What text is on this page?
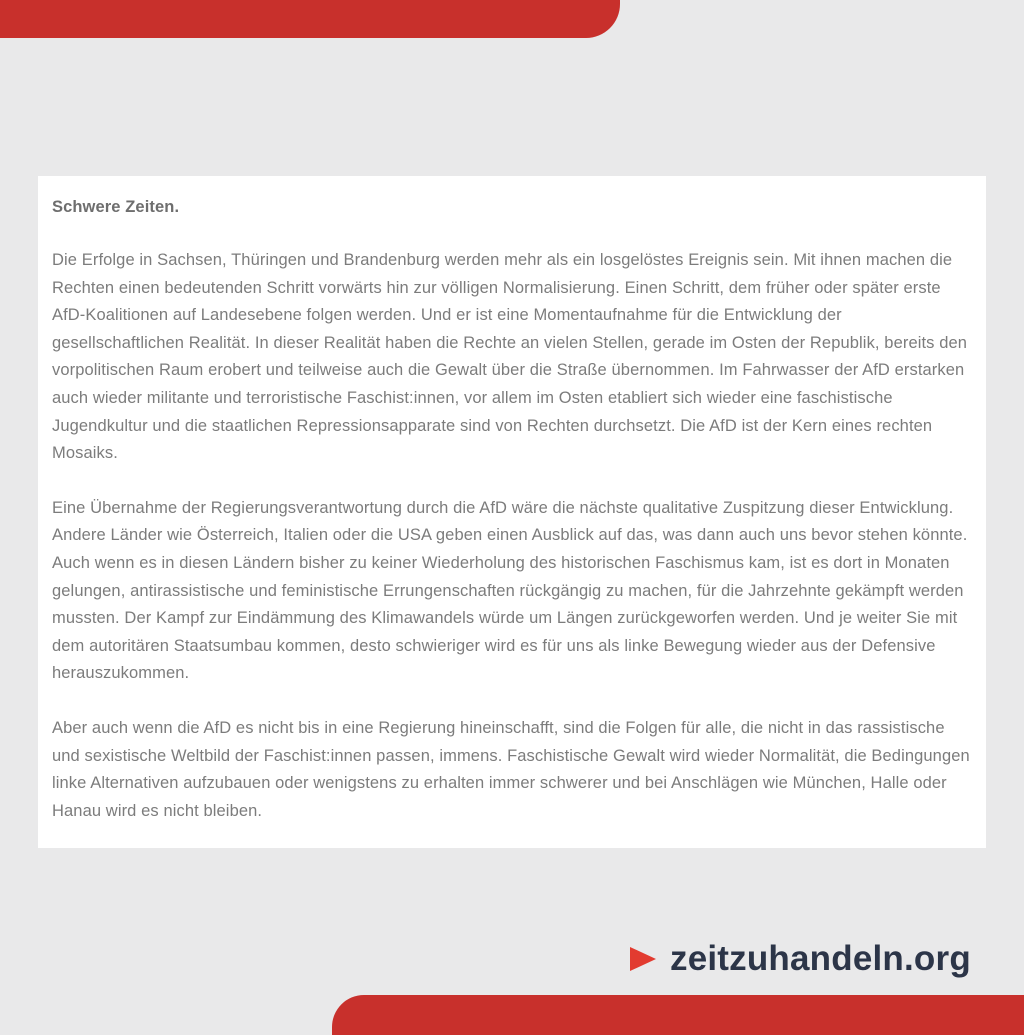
Schwere Zeiten.

Die Erfolge in Sachsen, Thüringen und Brandenburg werden mehr als ein losgelöstes Ereignis sein. Mit ihnen machen die Rechten einen bedeutenden Schritt vorwärts hin zur völligen Normalisierung. Einen Schritt, dem früher oder später erste AfD-Koalitionen auf Landesebene folgen werden. Und er ist eine Momentaufnahme für die Entwicklung der gesellschaftlichen Realität. In dieser Realität haben die Rechte an vielen Stellen, gerade im Osten der Republik, bereits den vorpolitischen Raum erobert und teilweise auch die Gewalt über die Straße übernommen. Im Fahrwasser der AfD erstarken auch wieder militante und terroristische Faschist:innen, vor allem im Osten etabliert sich wieder eine faschistische Jugendkultur und die staatlichen Repressionsapparate sind von Rechten durchsetzt. Die AfD ist der Kern eines rechten Mosaiks.

Eine Übernahme der Regierungsverantwortung durch die AfD wäre die nächste qualitative Zuspitzung dieser Entwicklung. Andere Länder wie Österreich, Italien oder die USA geben einen Ausblick auf das, was dann auch uns bevor stehen könnte. Auch wenn es in diesen Ländern bisher zu keiner Wiederholung des historischen Faschismus kam, ist es dort in Monaten gelungen, antirassistische und feministische Errungenschaften rückgängig zu machen, für die Jahrzehnte gekämpft werden mussten. Der Kampf zur Eindämmung des Klimawandels würde um Längen zurückgeworfen werden. Und je weiter Sie mit dem autoritären Staatsumbau kommen, desto schwieriger wird es für uns als linke Bewegung wieder aus der Defensive herauszukommen.

Aber auch wenn die AfD es nicht bis in eine Regierung hineinschafft, sind die Folgen für alle, die nicht in das rassistische und sexistische Weltbild der Faschist:innen passen, immens. Faschistische Gewalt wird wieder Normalität, die Bedingungen linke Alternativen aufzubauen oder wenigstens zu erhalten immer schwerer und bei Anschlägen wie München, Halle oder Hanau wird es nicht bleiben.

zeitzuhandeln.org
